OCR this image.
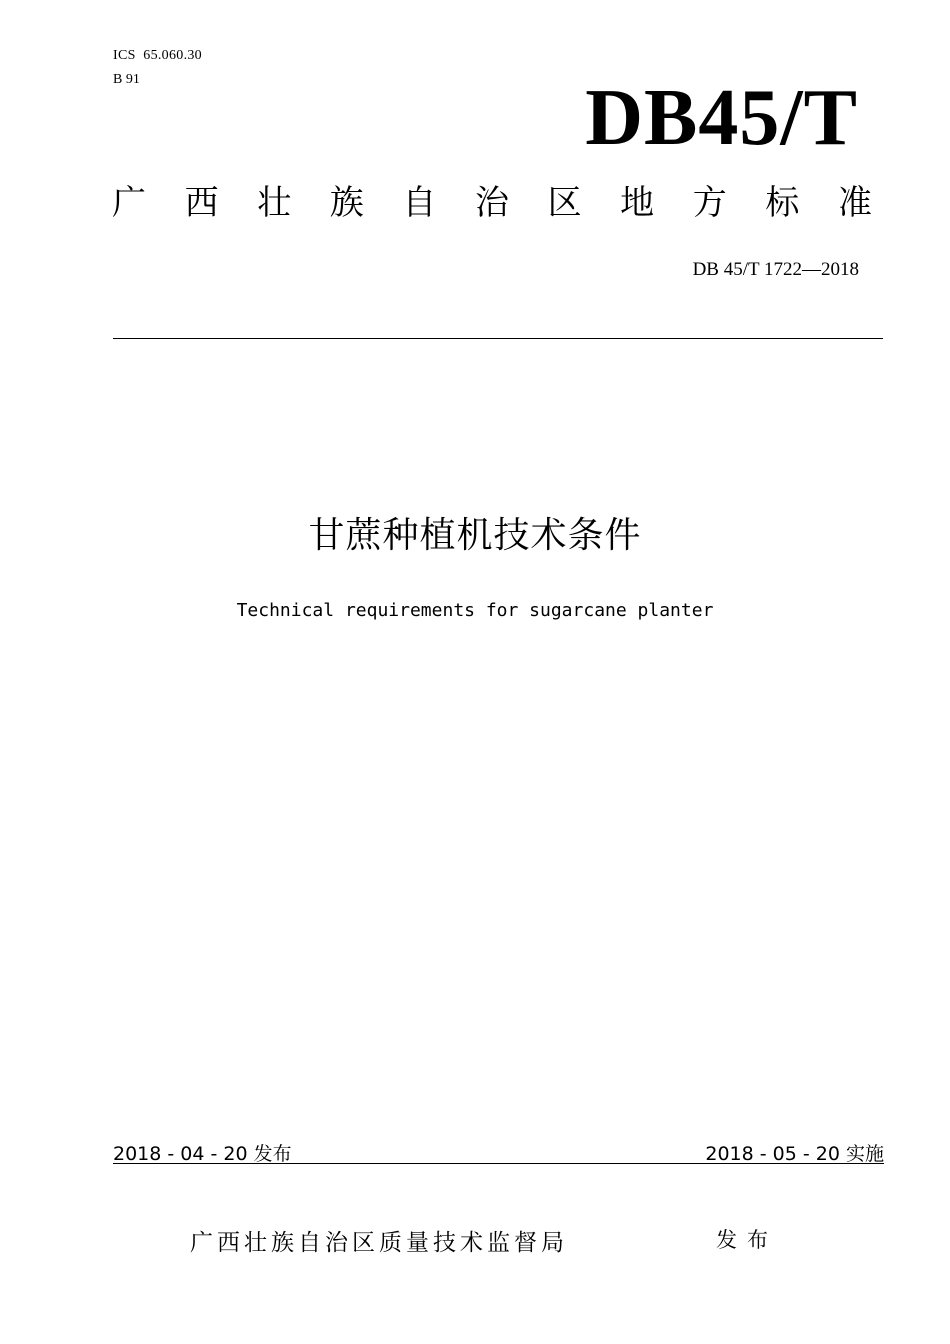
ICS  65.060.30
B 91	DB45/T
广 西 壮 族 自 治 区 地 方 标 准
DB 45/T 1722—2018
甘蔗种植机技术条件
Technical requirements for sugarcane planter
2018 - 04 - 20 发布	2018 - 05 - 20 实施
广西壮族自治区质量技术监督局	发布
